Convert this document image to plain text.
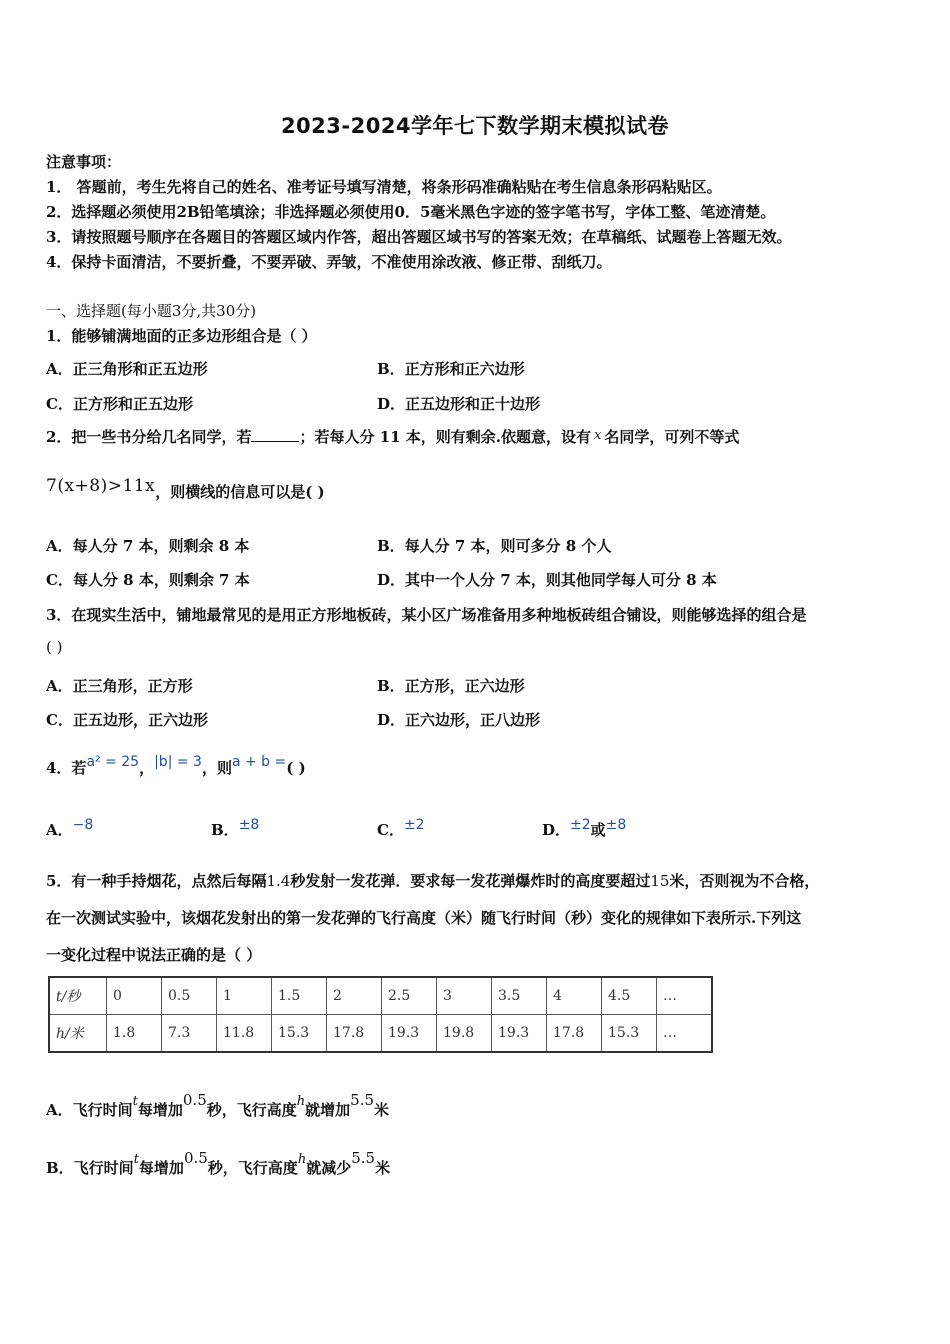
2023-2024学年七下数学期末模拟试卷
注意事项：
1． 答题前，考生先将自己的姓名、准考证号填写清楚，将条形码准确粘贴在考生信息条形码粘贴区。
2．选择题必须使用2B铅笔填涂；非选择题必须使用0．5毫米黑色字迹的签字笔书写，字体工整、笔迹清楚。
3．请按照题号顺序在各题目的答题区域内作答，超出答题区域书写的答案无效；在草稿纸、试题卷上答题无效。
4．保持卡面清洁，不要折叠，不要弄破、弄皱，不准使用涂改液、修正带、刮纸刀。
一、选择题(每小题3分,共30分)
1．能够铺满地面的正多边形组合是（ ）
A．正三角形和正五边形	B．正方形和正六边形
C．正方形和正五边形	D．正五边形和正十边形
2．把一些书分给几名同学，若	；若每人分 11 本，则有剩余.依题意，设有 x 名同学，可列不等式
7(x+8)>11x，则横线的信息可以是( )
A．每人分 7 本，则剩余 8 本	B．每人分 7 本，则可多分 8 个人
C．每人分 8 本，则剩余 7 本	D．其中一个人分 7 本，则其他同学每人可分 8 本
3．在现实生活中，铺地最常见的是用正方形地板砖，某小区广场准备用多种地板砖组合铺设，则能够选择的组合是
( )
A．正三角形，正方形	B．正方形，正六边形
C．正五边形，正六边形	D．正六边形，正八边形
4．若a² = 25，|b| = 3，则a + b =( )
A．−8	B．±8	C．±2	D．±2或±8
5．有一种手持烟花，点然后每隔1.4秒发射一发花弹．要求每一发花弹爆炸时的高度要超过15米，否则视为不合格，
在一次测试实验中，该烟花发射出的第一发花弹的飞行高度（米）随飞行时间（秒）变化的规律如下表所示.下列这
一变化过程中说法正确的是（ ）
t/秒	0	0.5	1	1.5	2	2.5	3	3.5	4	4.5	…
h/米	1.8	7.3	11.8	15.3	17.8	19.3	19.8	19.3	17.8	15.3	…
A．飞行时间t每增加0.5秒，飞行高度h就增加5.5米
B．飞行时间t每增加0.5秒，飞行高度h就减少5.5米
